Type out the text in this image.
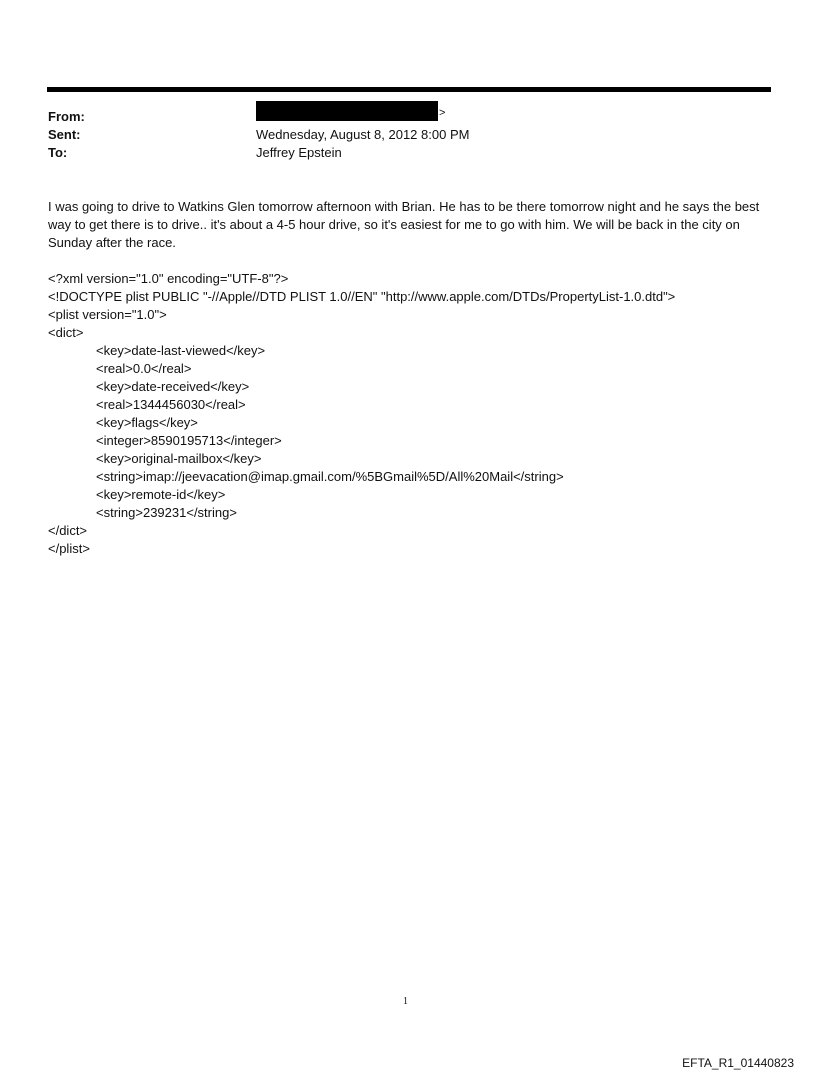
From:	>
Sent:	Wednesday, August 8, 2012 8:00 PM
To:	Jeffrey Epstein
I was going to drive to Watkins Glen tomorrow afternoon with Brian. He has to be there tomorrow night and he says the best way to get there is to drive.. it's about a 4-5 hour drive, so it's easiest for me to go with him. We will be back in the city on Sunday after the race.
<?xml version="1.0" encoding="UTF-8"?>
<!DOCTYPE plist PUBLIC "-//Apple//DTD PLIST 1.0//EN" "http://www.apple.com/DTDs/PropertyList-1.0.dtd">
<plist version="1.0">
<dict>
<key>date-last-viewed</key>
<real>0.0</real>
<key>date-received</key>
<real>1344456030</real>
<key>flags</key>
<integer>8590195713</integer>
<key>original-mailbox</key>
<string>imap://jeevacation@imap.gmail.com/%5BGmail%5D/All%20Mail</string>
<key>remote-id</key>
<string>239231</string>
</dict>
</plist>
1
EFTA_R1_01440823
